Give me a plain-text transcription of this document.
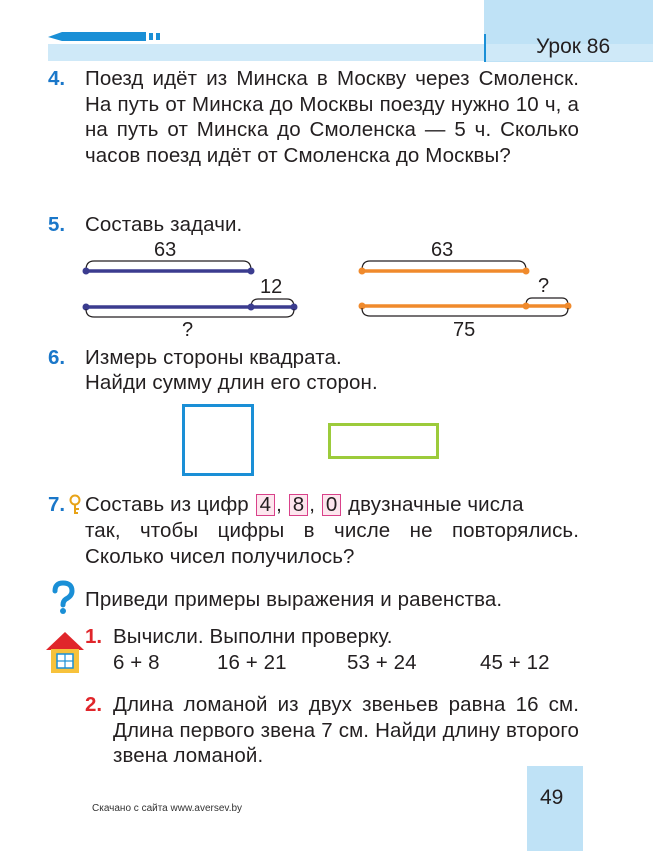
Урок 86
4. Поезд идёт из Минска в Москву через Смоленск. На путь от Минска до Москвы поезду нужно 10 ч, а на путь от Минска до Смоленска — 5 ч. Сколько часов поезд идёт от Смоленска до Москвы?
5. Составь задачи.
63
12
?
63
?
75
6. Измерь стороны квадрата.
Найди сумму длин его сторон.
7. Составь из цифр 4 , 8 , 0 двузначные числа
так, чтобы цифры в числе не повторялись. Сколько чисел получилось?
Приведи примеры выражения и равенства.
1. Вычисли. Выполни проверку.
6 + 8	16 + 21	53 + 24	45 + 12
2. Длина ломаной из двух звеньев равна 16 см. Длина первого звена 7 см. Найди длину второго звена ломаной.
Скачано с сайта www.aversev.by	49
